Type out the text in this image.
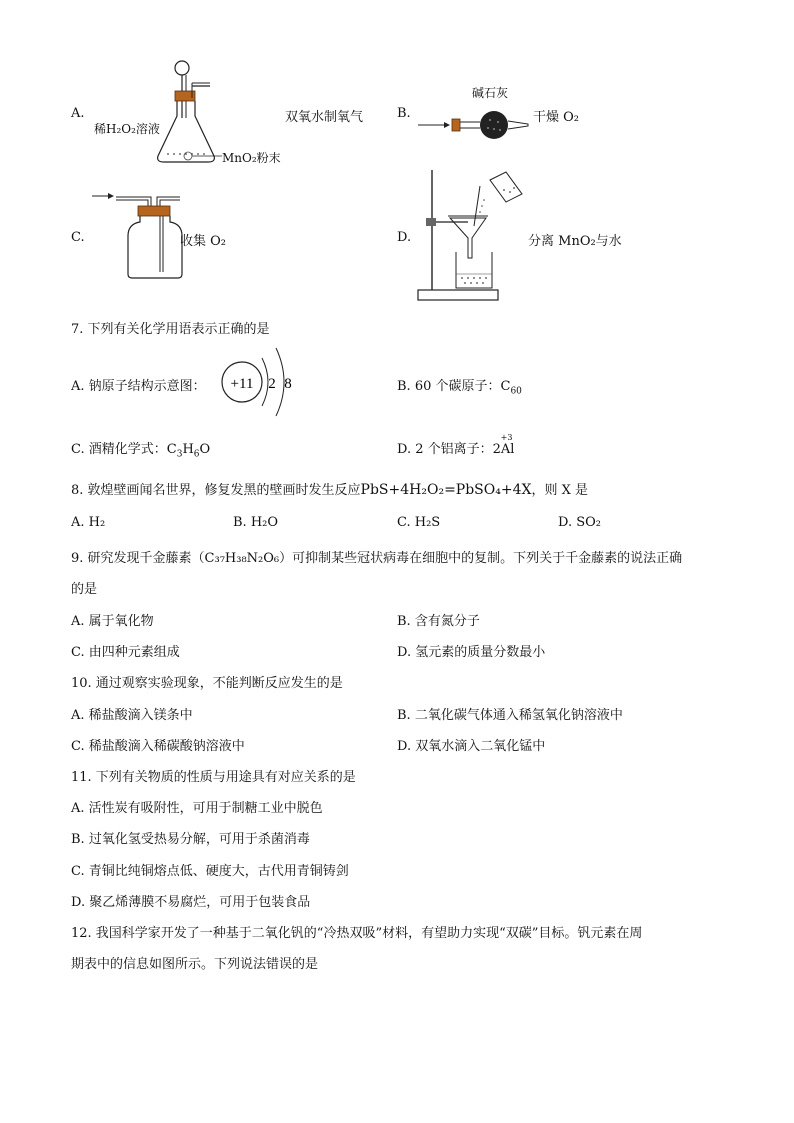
A.
稀H₂O₂溶液
MnO₂粉末
双氧水制氧气	B.
碱石灰
干燥 O₂
C.	收集 O₂	D.	分离 MnO₂与水
7. 下列有关化学用语表示正确的是
A. 钠原子结构示意图： +11 2 8	B. 60 个碳原子：$C_{60}$
C. 酒精化学式：$C_3H_6O$	D. 2 个铝离子：
+3
2Al
8. 敦煌壁画闻名世界，修复发黑的壁画时发生反应PbS+4H₂O₂=PbSO₄+4X，则 X 是
A. H₂	B. H₂O	C. H₂S	D. SO₂
9. 研究发现千金藤素（C₃₇H₃₈N₂O₆）可抑制某些冠状病毒在细胞中的复制。下列关于千金藤素的说法正确
的是
A. 属于氧化物	B. 含有氮分子
C. 由四种元素组成	D. 氢元素的质量分数最小
10. 通过观察实验现象，不能判断反应发生的是
A. 稀盐酸滴入镁条中	B. 二氧化碳气体通入稀氢氧化钠溶液中
C. 稀盐酸滴入稀碳酸钠溶液中	D. 双氧水滴入二氧化锰中
11. 下列有关物质的性质与用途具有对应关系的是
A. 活性炭有吸附性，可用于制糖工业中脱色
B. 过氧化氢受热易分解，可用于杀菌消毒
C. 青铜比纯铜熔点低、硬度大，古代用青铜铸剑
D. 聚乙烯薄膜不易腐烂，可用于包装食品
12. 我国科学家开发了一种基于二氧化钒的“冷热双吸”材料，有望助力实现“双碳”目标。钒元素在周
期表中的信息如图所示。下列说法错误的是
